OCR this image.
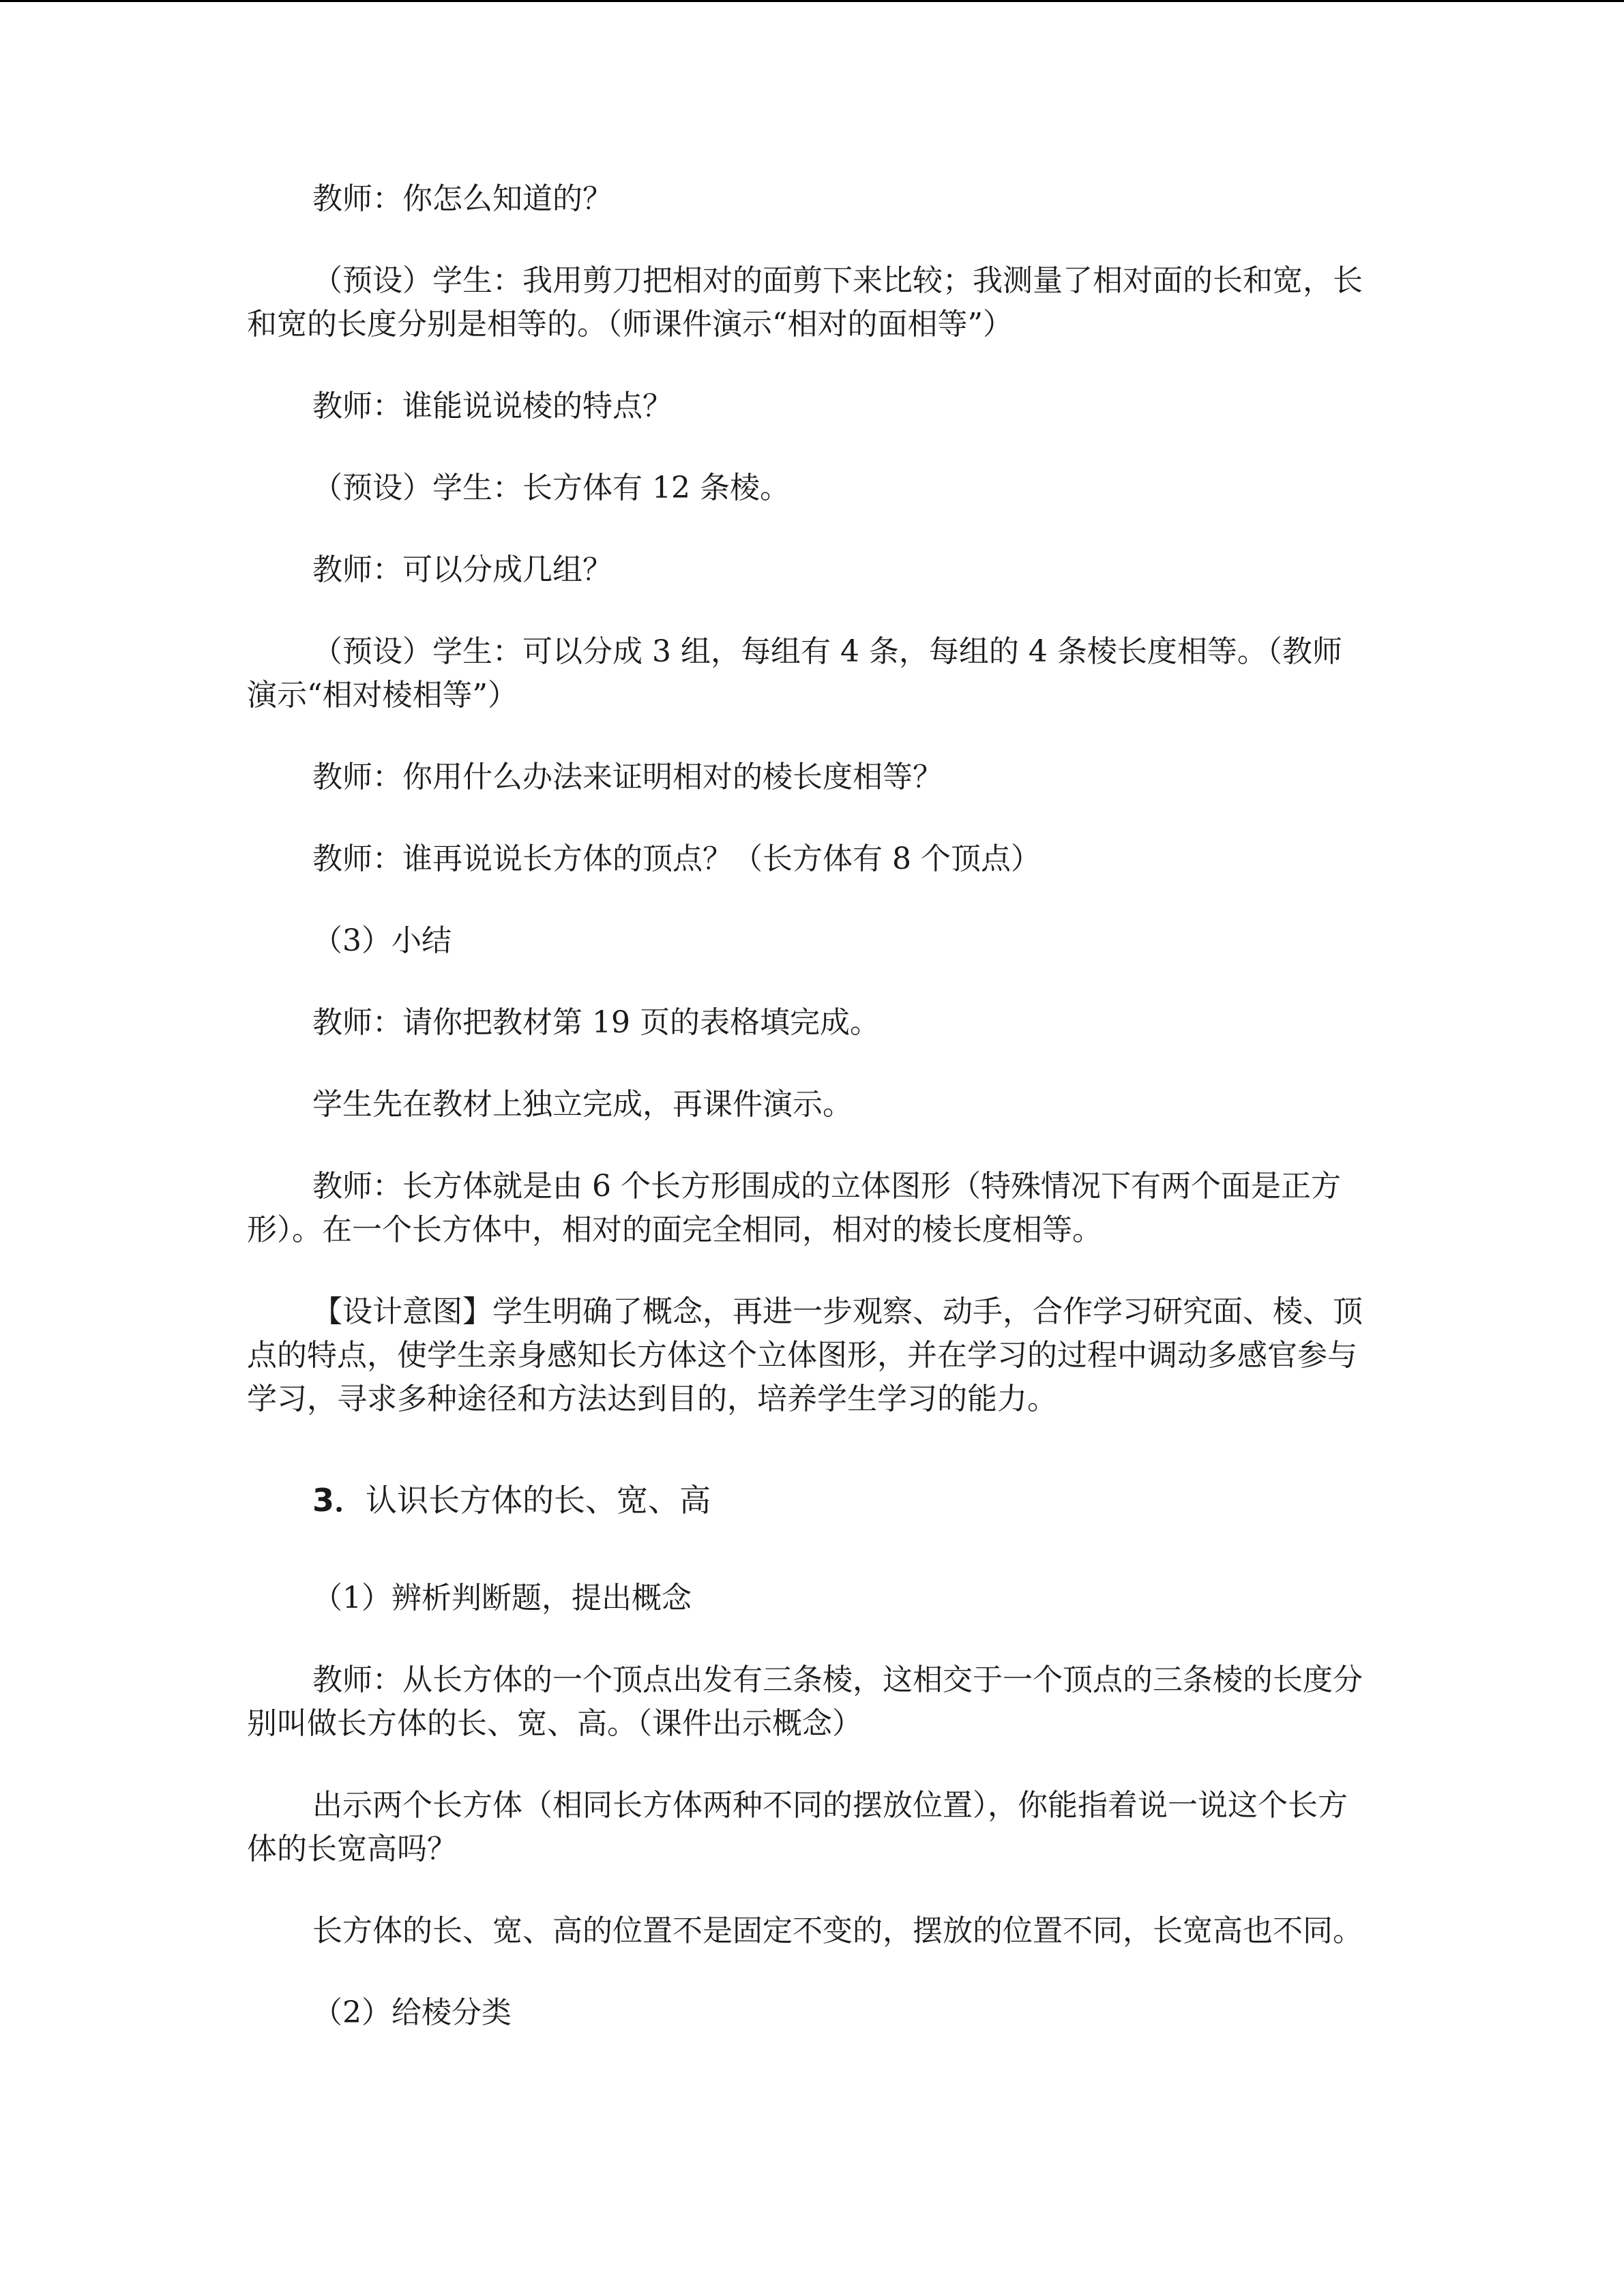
教师：你怎么知道的？

（预设）学生：我用剪刀把相对的面剪下来比较；我测量了相对面的长和宽，长和宽的长度分别是相等的。（师课件演示“相对的面相等”）

教师：谁能说说棱的特点？

（预设）学生：长方体有 12 条棱。

教师：可以分成几组？

（预设）学生：可以分成 3 组，每组有 4 条，每组的 4 条棱长度相等。（教师演示“相对棱相等”）

教师：你用什么办法来证明相对的棱长度相等？

教师：谁再说说长方体的顶点？（长方体有 8 个顶点）

（3）小结

教师：请你把教材第 19 页的表格填完成。

学生先在教材上独立完成，再课件演示。

教师：长方体就是由 6 个长方形围成的立体图形（特殊情况下有两个面是正方形）。在一个长方体中，相对的面完全相同，相对的棱长度相等。

【设计意图】学生明确了概念，再进一步观察、动手，合作学习研究面、棱、顶点的特点，使学生亲身感知长方体这个立体图形，并在学习的过程中调动多感官参与学习，寻求多种途径和方法达到目的，培养学生学习的能力。

3．认识长方体的长、宽、高

（1）辨析判断题，提出概念

教师：从长方体的一个顶点出发有三条棱，这相交于一个顶点的三条棱的长度分别叫做长方体的长、宽、高。（课件出示概念）

出示两个长方体（相同长方体两种不同的摆放位置），你能指着说一说这个长方体的长宽高吗？

长方体的长、宽、高的位置不是固定不变的，摆放的位置不同，长宽高也不同。

（2）给棱分类
